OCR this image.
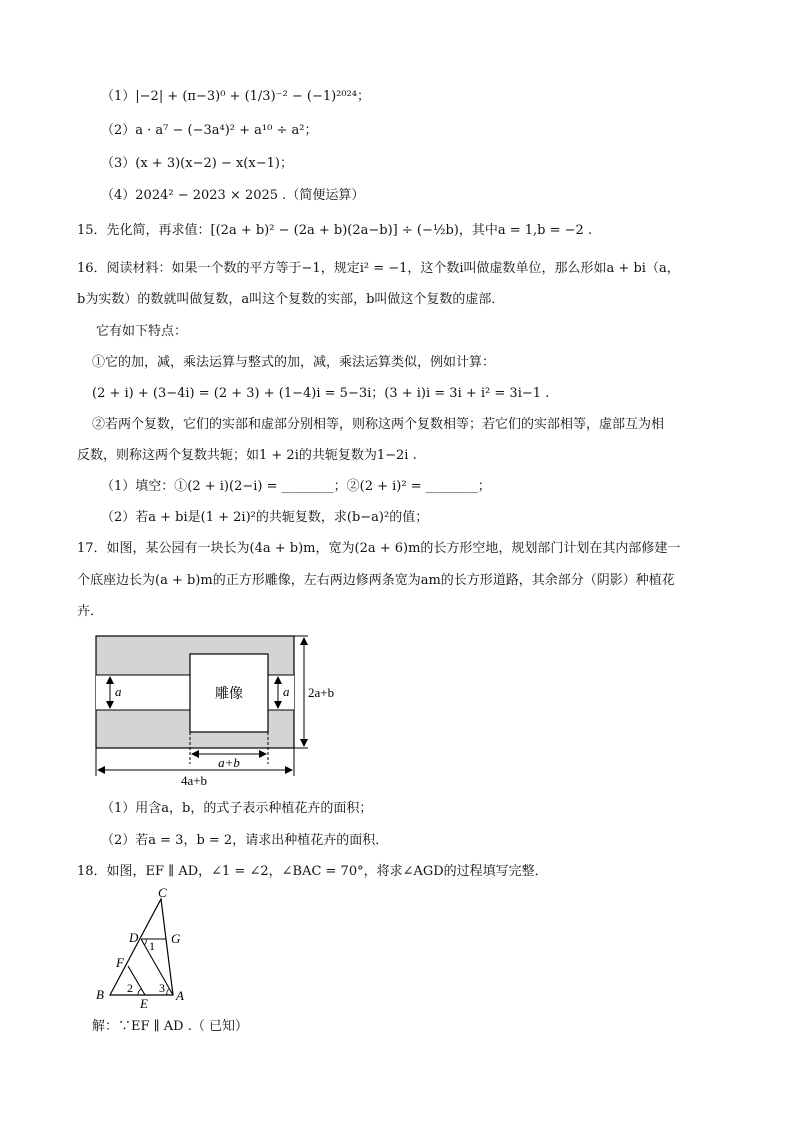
（1）|−2| + (π−3)⁰ + (1/3)⁻² − (−1)²⁰²⁴；
（2）a · a⁷ − (−3a⁴)² + a¹⁰ ÷ a²；
（3）(x + 3)(x−2) − x(x−1)；
（4）2024² − 2023 × 2025 .（简便运算）
15．先化简，再求值：[(2a + b)² − (2a + b)(2a−b)] ÷ (−½b)，其中a = 1,b = −2 .
16．阅读材料：如果一个数的平方等于−1，规定i² = −1，这个数i叫做虚数单位，那么形如a + bi（a，
b为实数）的数就叫做复数，a叫这个复数的实部，b叫做这个复数的虚部．
它有如下特点：
①它的加，减，乘法运算与整式的加，减，乘法运算类似，例如计算：
(2 + i) + (3−4i) = (2 + 3) + (1−4)i = 5−3i；(3 + i)i = 3i + i² = 3i−1 .
②若两个复数，它们的实部和虚部分别相等，则称这两个复数相等；若它们的实部相等，虚部互为相
反数，则称这两个复数共轭；如1 + 2i的共轭复数为1−2i .
（1）填空：①(2 + i)(2−i) = ________；②(2 + i)² = ________；
（2）若a + bi是(1 + 2i)²的共轭复数，求(b−a)²的值；
17．如图，某公园有一块长为(4a + b)m，宽为(2a + 6)m的长方形空地，规划部门计划在其内部修建一
个底座边长为(a + b)m的正方形雕像，左右两边修两条宽为am的长方形道路，其余部分（阴影）种植花
卉．
雕像
a	a 2a+b
a+b
4a+b
（1）用含a，b，的式子表示种植花卉的面积；
（2）若a = 3，b = 2，请求出种植花卉的面积．
18．如图，EF ∥ AD，∠1 = ∠2，∠BAC = 70°，将求∠AGD的过程填写完整．
C
D	G
F
B
E
A
1
2 3
解：∵EF ∥ AD .（ 已知）
